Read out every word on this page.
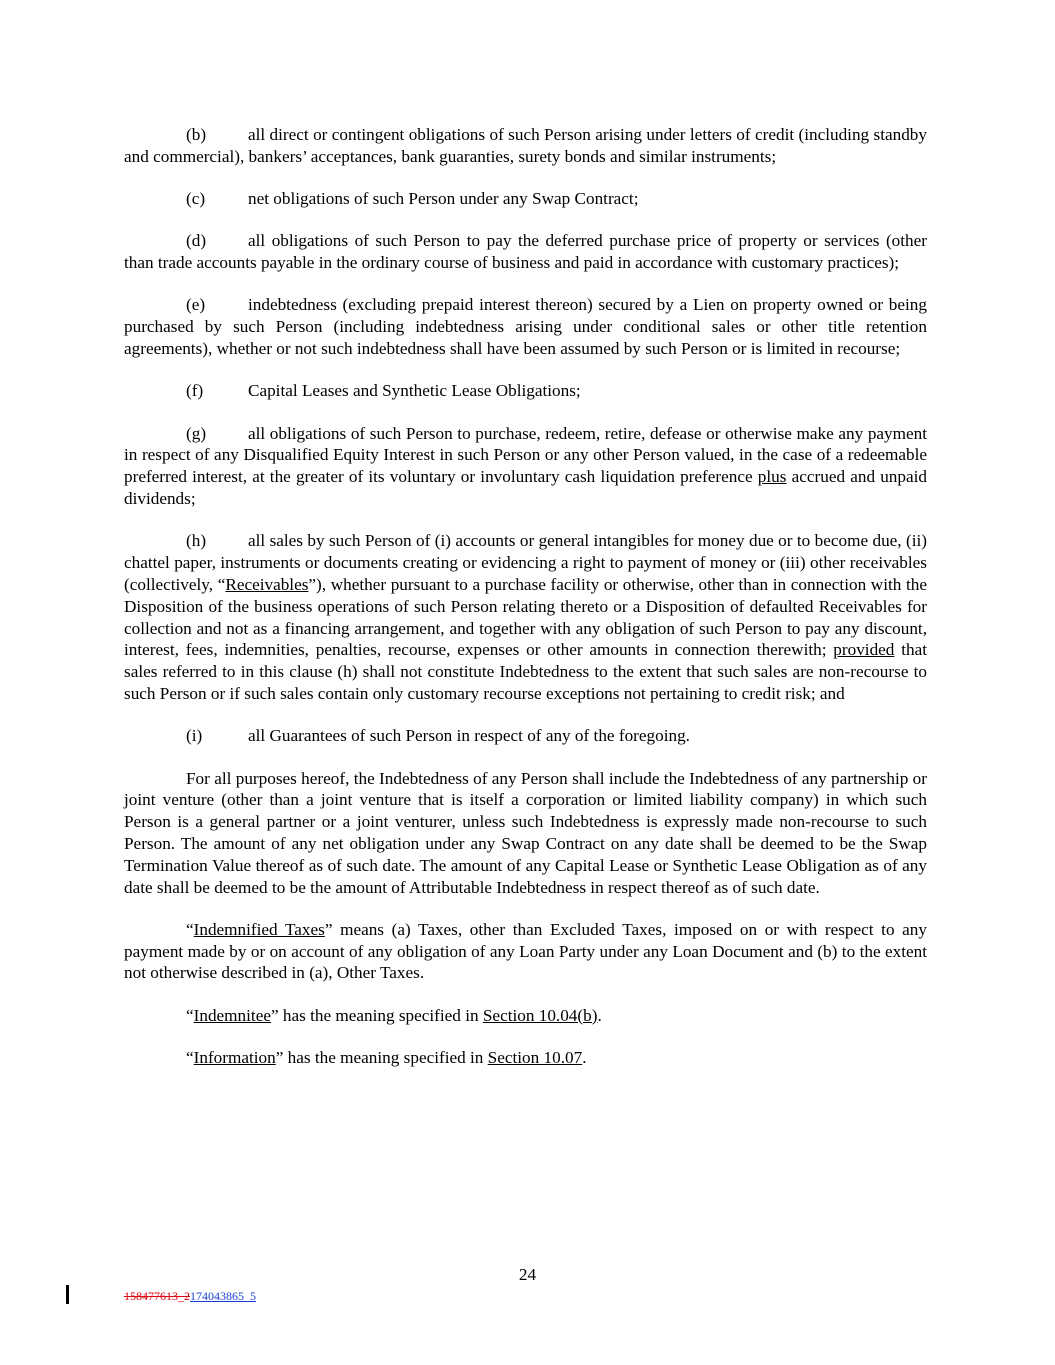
(b) all direct or contingent obligations of such Person arising under letters of credit (including standby and commercial), bankers’ acceptances, bank guaranties, surety bonds and similar instruments;

(c) net obligations of such Person under any Swap Contract;

(d) all obligations of such Person to pay the deferred purchase price of property or services (other than trade accounts payable in the ordinary course of business and paid in accordance with customary practices);

(e) indebtedness (excluding prepaid interest thereon) secured by a Lien on property owned or being purchased by such Person (including indebtedness arising under conditional sales or other title retention agreements), whether or not such indebtedness shall have been assumed by such Person or is limited in recourse;

(f)	Capital Leases and Synthetic Lease Obligations;

(g) all obligations of such Person to purchase, redeem, retire, defease or otherwise make any payment in respect of any Disqualified Equity Interest in such Person or any other Person valued, in the case of a redeemable preferred interest, at the greater of its voluntary or involuntary cash liquidation preference plus accrued and unpaid dividends;

(h) all sales by such Person of (i) accounts or general intangibles for money due or to become due, (ii) chattel paper, instruments or documents creating or evidencing a right to payment of money or (iii) other receivables (collectively, “Receivables”), whether pursuant to a purchase facility or otherwise, other than in connection with the Disposition of the business operations of such Person relating thereto or a Disposition of defaulted Receivables for collection and not as a financing arrangement, and together with any obligation of such Person to pay any discount, interest, fees, indemnities, penalties, recourse, expenses or other amounts in connection therewith; provided that sales referred to in this clause (h) shall not constitute Indebtedness to the extent that such sales are non-recourse to such Person or if such sales contain only customary recourse exceptions not pertaining to credit risk; and

(i)	all Guarantees of such Person in respect of any of the foregoing.

For all purposes hereof, the Indebtedness of any Person shall include the Indebtedness of any partnership or joint venture (other than a joint venture that is itself a corporation or limited liability company) in which such Person is a general partner or a joint venturer, unless such Indebtedness is expressly made non-recourse to such Person. The amount of any net obligation under any Swap Contract on any date shall be deemed to be the Swap Termination Value thereof as of such date. The amount of any Capital Lease or Synthetic Lease Obligation as of any date shall be deemed to be the amount of Attributable Indebtedness in respect thereof as of such date.

“Indemnified Taxes” means (a) Taxes, other than Excluded Taxes, imposed on or with respect to any payment made by or on account of any obligation of any Loan Party under any Loan Document and (b) to the extent not otherwise described in (a), Other Taxes.

“Indemnitee” has the meaning specified in Section 10.04(b).

“Information” has the meaning specified in Section 10.07.

24
158477613_2174043865_5
